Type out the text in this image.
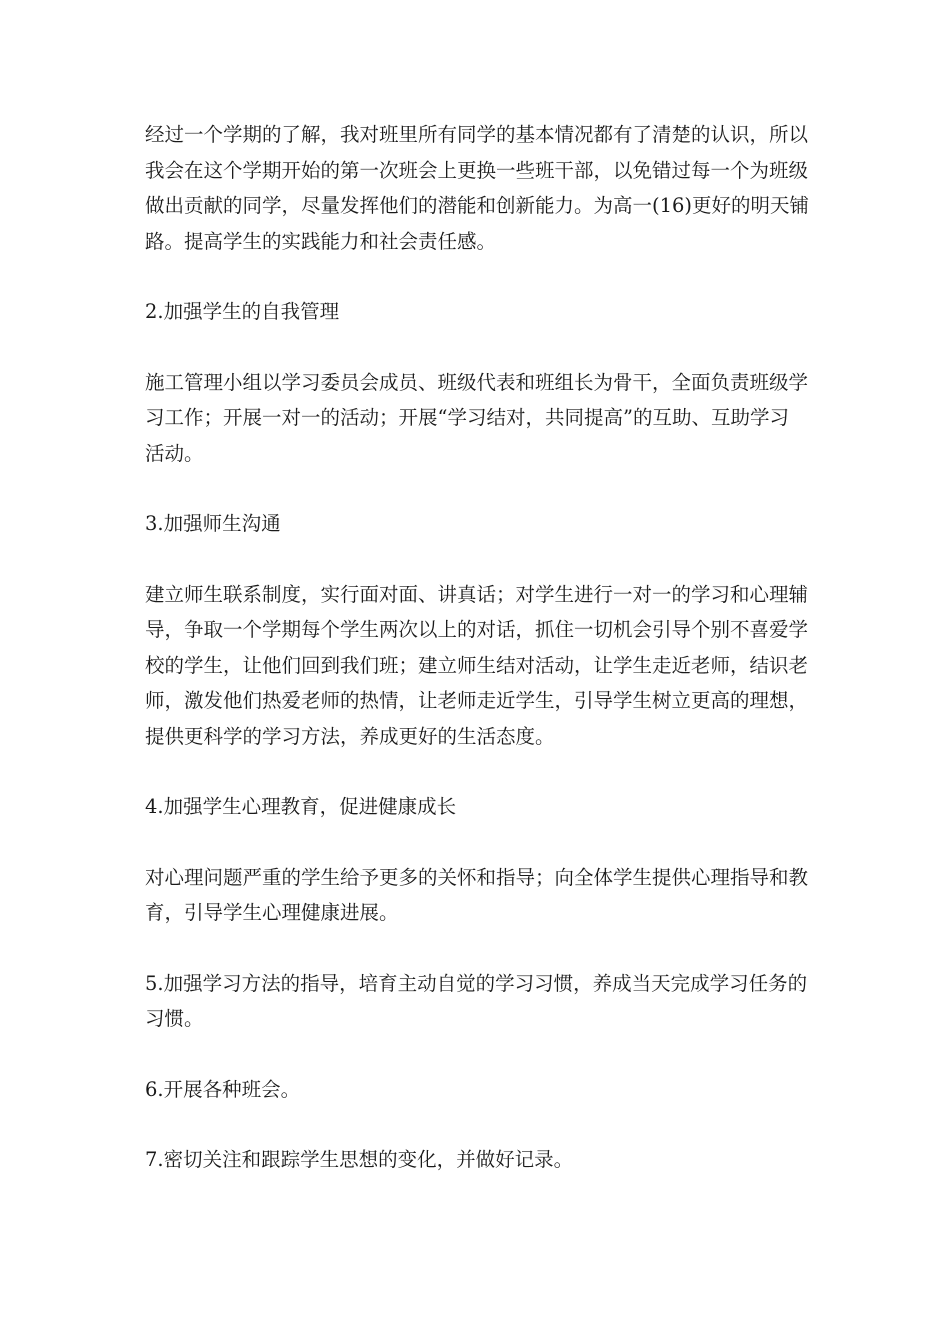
经过一个学期的了解，我对班里所有同学的基本情况都有了清楚的认识，所以
我会在这个学期开始的第一次班会上更换一些班干部，以免错过每一个为班级
做出贡献的同学，尽量发挥他们的潜能和创新能力。为高一(16)更好的明天铺
路。提高学生的实践能力和社会责任感。

2.加强学生的自我管理

施工管理小组以学习委员会成员、班级代表和班组长为骨干，全面负责班级学
习工作；开展一对一的活动；开展“学习结对，共同提高”的互助、互助学习
活动。

3.加强师生沟通

建立师生联系制度，实行面对面、讲真话；对学生进行一对一的学习和心理辅
导，争取一个学期每个学生两次以上的对话，抓住一切机会引导个别不喜爱学
校的学生，让他们回到我们班；建立师生结对活动，让学生走近老师，结识老
师，激发他们热爱老师的热情，让老师走近学生，引导学生树立更高的理想，
提供更科学的学习方法，养成更好的生活态度。

4.加强学生心理教育，促进健康成长

对心理问题严重的学生给予更多的关怀和指导；向全体学生提供心理指导和教
育，引导学生心理健康进展。

5.加强学习方法的指导，培育主动自觉的学习习惯，养成当天完成学习任务的
习惯。

6.开展各种班会。

7.密切关注和跟踪学生思想的变化，并做好记录。
